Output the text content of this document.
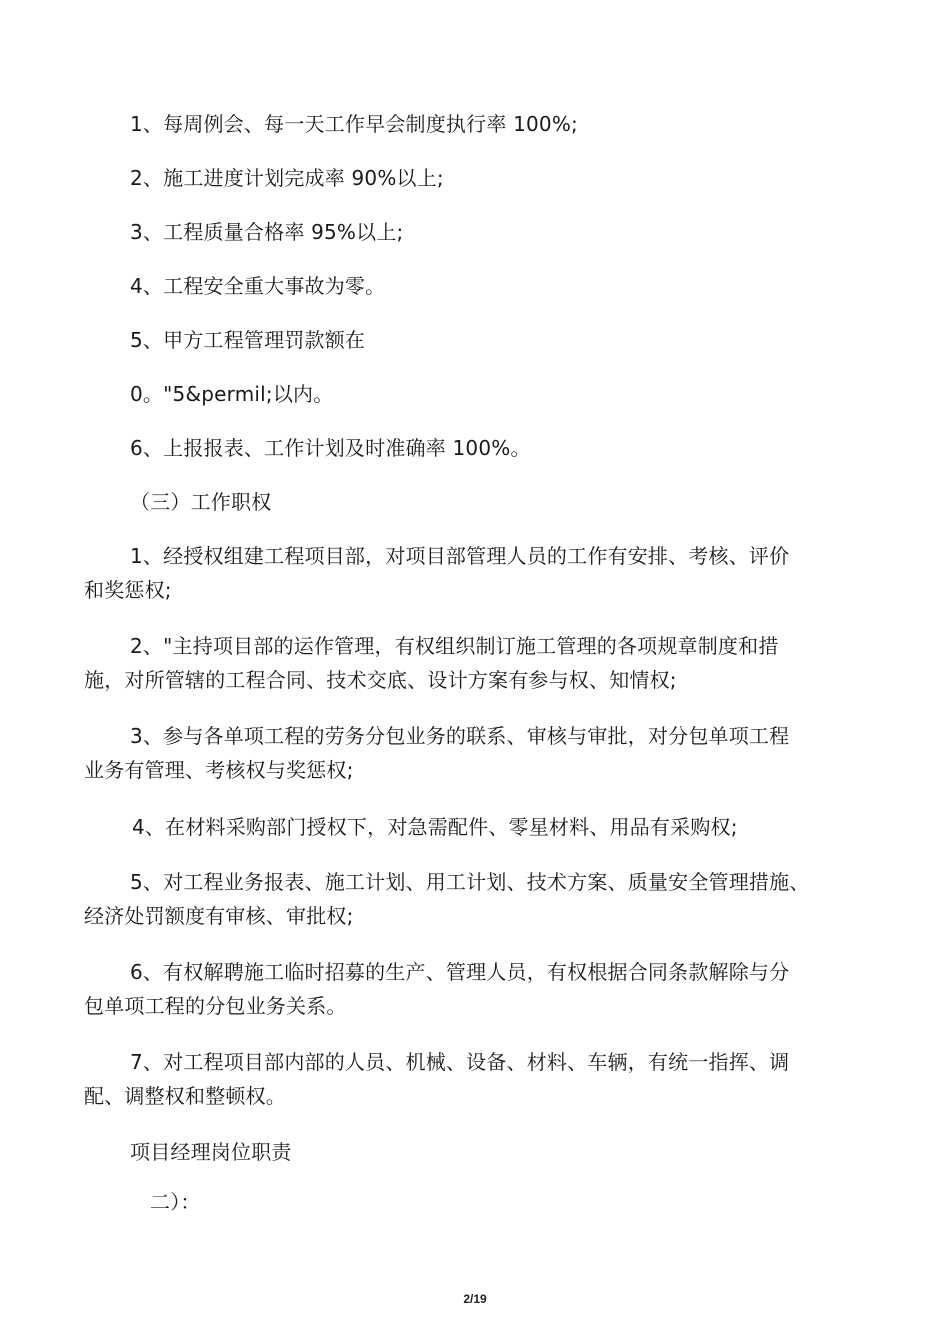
1、每周例会、每一天工作早会制度执行率 100%;
2、施工进度计划完成率 90%以上;
3、工程质量合格率 95%以上;
4、工程安全重大事故为零。
5、甲方工程管理罚款额在
0。"5&permil;以内。
6、上报报表、工作计划及时准确率 100%。
（三）工作职权
1、经授权组建工程项目部，对项目部管理人员的工作有安排、考核、评价
和奖惩权;
2、"主持项目部的运作管理，有权组织制订施工管理的各项规章制度和措
施，对所管辖的工程合同、技术交底、设计方案有参与权、知情权;
3、参与各单项工程的劳务分包业务的联系、审核与审批，对分包单项工程
业务有管理、考核权与奖惩权;
4、在材料采购部门授权下，对急需配件、零星材料、用品有采购权;
5、对工程业务报表、施工计划、用工计划、技术方案、质量安全管理措施、
经济处罚额度有审核、审批权;
6、有权解聘施工临时招募的生产、管理人员，有权根据合同条款解除与分
包单项工程的分包业务关系。
7、对工程项目部内部的人员、机械、设备、材料、车辆，有统一指挥、调
配、调整权和整顿权。
项目经理岗位职责
二）：
2/19
